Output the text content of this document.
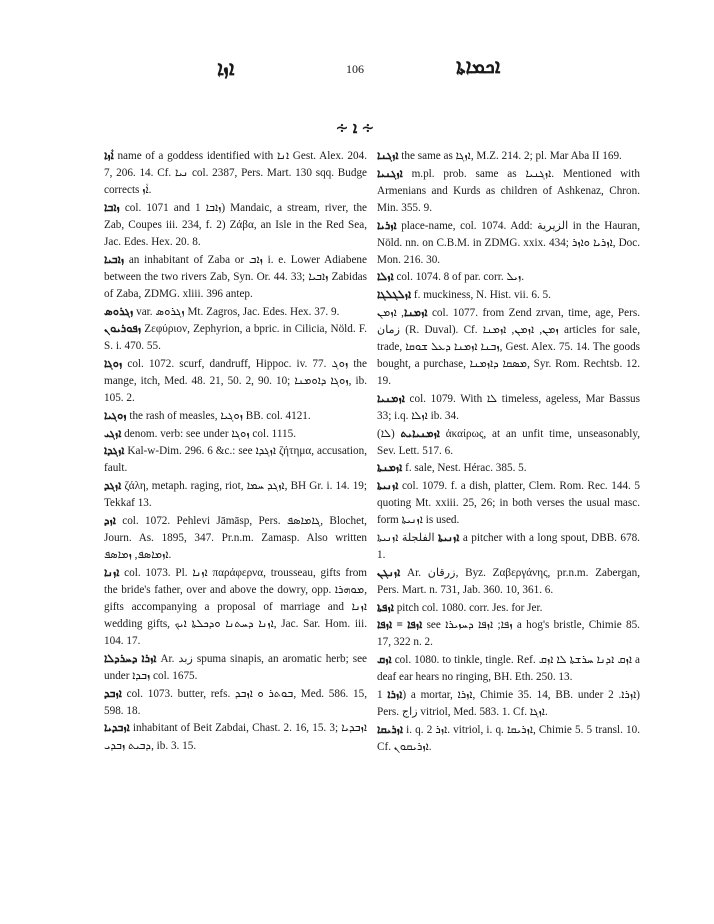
ܐܙܐ	106	ܐܟܡܐܬܐ
∻ ܐ ∻

ܐܵܙܐ name of a goddess identified with ܐܢܐ Gest. Alex. 204. 7, 206. 14. Cf. ܢܝܐ col. 2387, Pers. Mart. 130 sqq. Budge corrects ܐܵܙ.

ܙܐܒܐ col. 1071 and ܙܐܒܐ 1) Mandaic, a stream, river, the Zab, Coupes iii. 234, f. 2) Ζάβα, an Isle in the Red Sea, Jac. Edes. Hex. 20. 8.

ܙܐܒܝܐ an inhabitant of Zaba or ܙܐܒ i. e. Lower Adiabene between the two rivers Zab, Syn. Or. 44. 33; ܙܐܒܝܐ Zabidas of Zaba, ZDMG. xliii. 396 antep.

ܙܓܪܘܣ var. ܙܓܪܘܣ Mt. Zagros, Jac. Edes. Hex. 37. 9.

ܙܦܘܪܝܘܢ Ζεφύριον, Zephyrion, a bpric. in Cilicia, Nöld. F. S. i. 470. 55.

ܙܘܓܐ col. 1072. scurf, dandruff, Hippoc. iv. 77. ܙܘܓ the mange, itch, Med. 48. 21, 50. 2, 90. 10; ܙܘܓܐ ܕܐܘܡܢܐ, ib. 105. 2.

ܙܘܓܝܐ the rash of measles, ܙܘܓܝܐ BB. col. 4121.

ܐܙܓܝ denom. verb: see under ܙܘܓܐ col. 1115.

ܐܙܓܕܐ Kal-w-Dim. 296. 6 &c.: see ܐܙܓܕܐ ζήτημα, accusation, fault.

ܐܙܓܕ ζάλη, metaph. raging, riot, ܐܙܓܕ ܚܡܐ, BH Gr. i. 14. 19; Tekkaf 13.

ܐܙܕ col. 1072. Pehlevi Jāmāsp, Pers. ܓܐܡܐܣܦ, Blochet, Journ. As. 1895, 347. Pr.n.m. Zamasp. Also written ܐܙܡܐܣܦ, ܙܡܐܣܦ.

ܐܙܢܐ col. 1073. Pl. ܐܙܢܐ παράφερνα, trousseau, gifts from the bride's father, over and above the dowry, opp. ܡܘܗܪܐ, gifts accompanying a proposal of marriage and ܐܙܢܐ wedding gifts, ܐܙܢܐ ܕܚܬܢܐ ܘܕܟܠܬܐ ܐܝܟ, Jac. Sar. Hom. iii. 104. 17.

ܐܙܪܐ ܕܚܪܕܠܐ Ar. زبد spuma sinapis, an aromatic herb; see under ܙܒܕܐ col. 1675.

ܐܙܒܕ col. 1073. butter, refs. ܒܘܬܪ ܘ ܐܙܒܕ, Med. 586. 15, 598. 18.

ܐܙܒܕܝܐ inhabitant of Beit Zabdai, Chast. 2. 16, 15. 3; ܐܙܒܕܝܐ ܕܒܝܬ ܙܒܕܝ, ib. 3. 15.

ܐܙܓܢܐ the same as ܐܙܓܐ, M.Z. 214. 2; pl. Mar Aba II 169.

ܐܙܓܢܝܐ m.pl. prob. same as ܐܙܓܢܝܐ. Mentioned with Armenians and Kurds as children of Ashkenaz, Chron. Min. 355. 9.

ܐܙܪܝܐ place-name, col. 1074. Add: الزيرية in the Hauran, Nöld. nn. on C.B.M. in ZDMG. xxix. 434; ܐܙܪܝܐ ܘܐܙܪ, Doc. Mon. 216. 30.

ܐܙܠܐ col. 1074. 8 of par. corr. ܙܝܠ.

ܐܙܠܓܠܓܐ f. muckiness, N. Hist. vii. 6. 5.

ܐܙܡܢܐ, ܐܙܡܢ col. 1077. from Zend zrvan, time, age, Pers. زمان (R. Duval). Cf. ܙܡܢ, ܐܙܡܢ, ܐܙܡܢܐ articles for sale, trade, ܙܒܢܐ ܐܙܡܢܐ ܕܥܠ ܫܘܩܐ, Gest. Alex. 75. 14. The goods bought, a purchase, ܡܣܩܐ ܕܐܙܡܢܐ, Syr. Rom. Rechtsb. 12. 19.

ܐܙܡܢܝܐ col. 1079. With ܠܐ timeless, ageless, Mar Bassus 33; i.q. ܐܙܠܐ ib. 34.

ܐܙܡܢܝܐܝܬ (ܠܐ) ἀκαίρως, at an unfit time, unseasonably, Sev. Lett. 517. 6.

ܐܙܡܢܬܐ f. sale, Nest. Hérac. 385. 5.

ܐܙܢܝܬܐ col. 1079. f. a dish, platter, Clem. Rom. Rec. 144. 5 quoting Mt. xxiii. 25, 26; in both verses the usual masc. form ܐܙܢܝܬܐ is used.

ܐܙܢܝܬܐ الفلجلة ܐܙܢܝܬܐ a pitcher with a long spout, DBB. 678. 1.

ܐܙܢܓܢ Ar. زرقان, Byz. Ζαβεργάνης, pr.n.m. Zabergan, Pers. Mart. n. 731, Jab. 360. 10, 361. 6.

ܐܙܦܬܐ pitch col. 1080. corr. Jes. for Jer.

ܐܙܦܐ = ܐܙܦܐ see ܙܦܐ; ܐܙܦܐ ܕܚܙܝܪܐ a hog's bristle, Chimie 85. 17, 322 n. 2.

ܐܙܩ col. 1080. to tinkle, tingle. Ref. ܐܙܩ ܐܕܢܐ ܚܪܫܬܐ ܠܐ ܐܙܩ a deaf ear hears no ringing, BH. Eth. 250. 13.

ܐܙܪܐ 1) a mortar, ܐܙܪܐ, Chimie 35. 14, BB. under ܐܙܪܐ. 2) Pers. زاج vitriol, Med. 583. 1. Cf. ܐܙܓܐ.

ܐܙܪܝܩܐ i. q. ܐܙܪ 2. vitriol, i. q. ܐܙܪܝܩܐ, Chimie 5. 5 transl. 10. Cf. ܐܙܪܝܩܘܢ.
